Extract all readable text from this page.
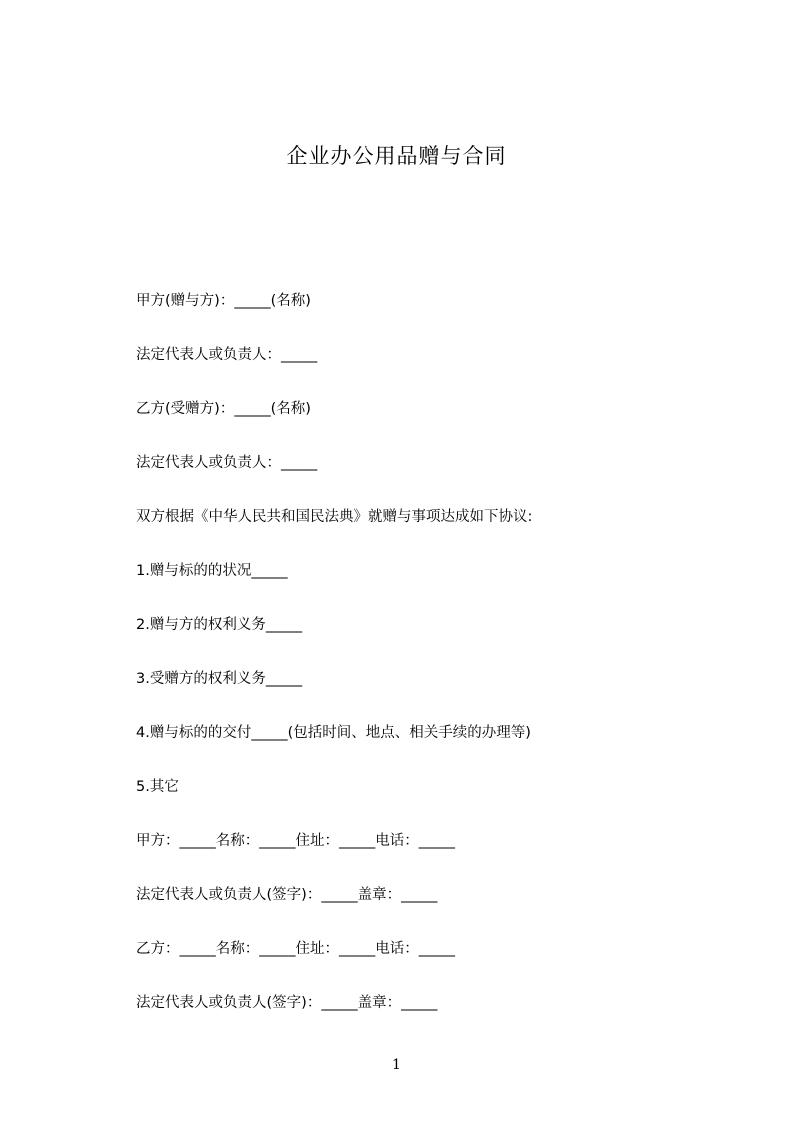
企业办公用品赠与合同
甲方(赠与方)：_____(名称)
法定代表人或负责人：_____
乙方(受赠方)：_____(名称)
法定代表人或负责人：_____
双方根据《中华人民共和国民法典》就赠与事项达成如下协议:
1.赠与标的的状况_____
2.赠与方的权利义务_____
3.受赠方的权利义务_____
4.赠与标的的交付_____(包括时间、地点、相关手续的办理等)
5.其它
甲方：_____名称：_____住址：_____电话：_____
法定代表人或负责人(签字)：_____盖章：_____
乙方：_____名称：_____住址：_____电话：_____
法定代表人或负责人(签字)：_____盖章：_____
1
